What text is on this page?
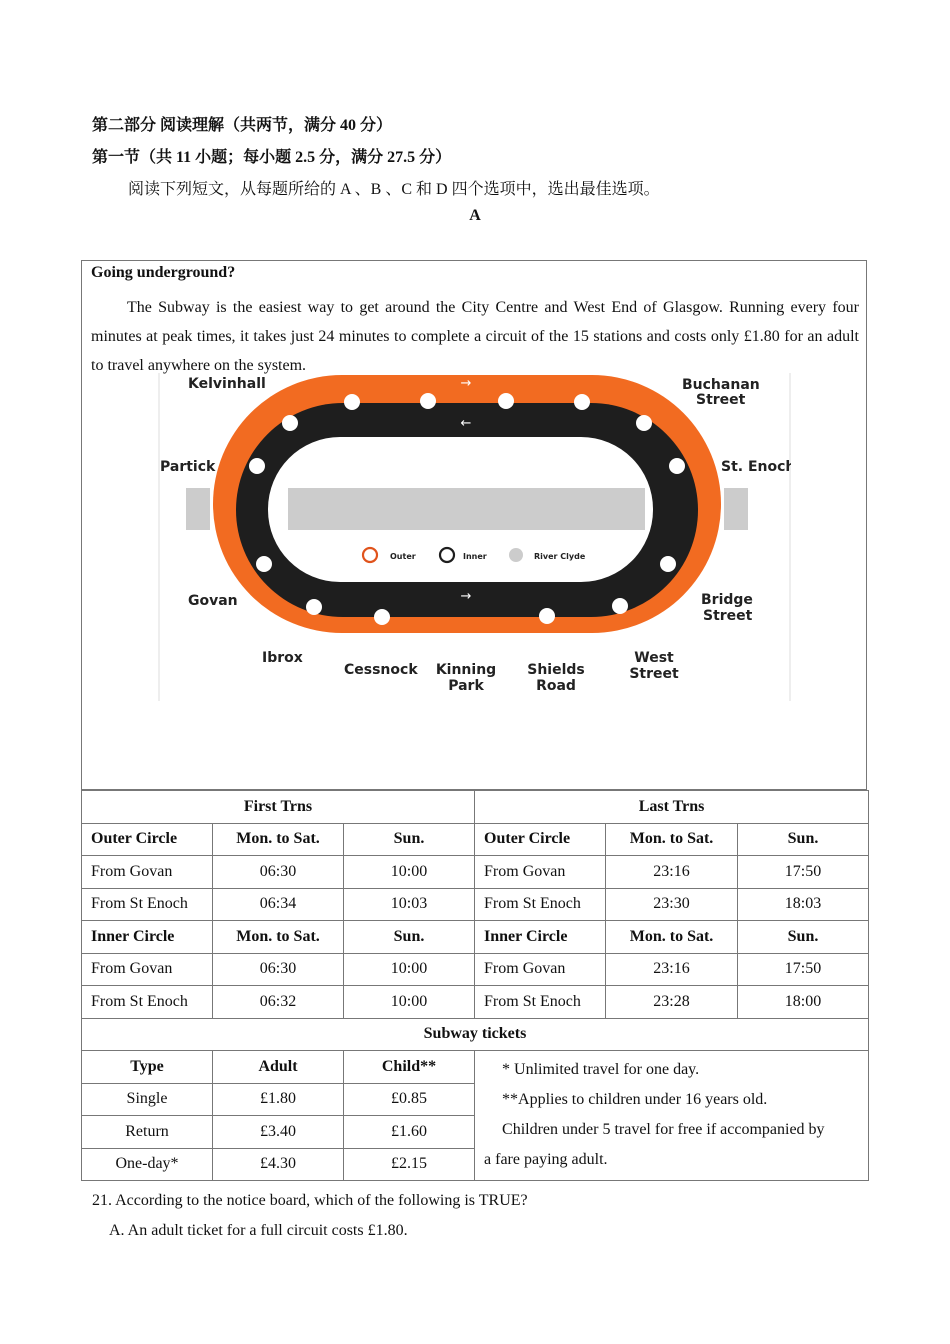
第二部分 阅读理解（共两节，满分 40 分）
第一节（共 11 小题；每小题 2.5 分，满分 27.5 分）
阅读下列短文，从每题所给的 A 、B 、C 和 D 四个选项中，选出最佳选项。
A
Going underground?
The Subway is the easiest way to get around the City Centre and West End of Glasgow. Running every four minutes at peak times, it takes just 24 minutes to complete a circuit of the 15 stations and costs only £1.80 for an adult to travel anywhere on the system.
→
←
→
←
Outer	Inner	River Clyde
Kelvinhall	Buchanan
Street
Partick	St. Enoch
Govan	Bridge
Street
Ibrox
Cessnock Kinning
Park
Shields
Road
West
Street
First Trns			Last Trns		
Outer Circle	Mon. to Sat.	Sun.	Outer Circle	Mon. to Sat.	Sun.
From Govan	06:30	10:00	From Govan	23:16	17:50
From St Enoch	06:34	10:03	From St Enoch	23:30	18:03
Inner Circle	Mon. to Sat.	Sun.	Inner Circle	Mon. to Sat.	Sun.
From Govan	06:30	10:00	From Govan	23:16	17:50
From St Enoch	06:32	10:00	From St Enoch	23:28	18:00
Subway tickets					
Type	Adult	Child**	* Unlimited travel for one day.
**Applies to children under 16 years old.
Children under 5 travel for free if accompanied by
a fare paying adult.		

Single	£1.80	£0.85			
Return	£3.40	£1.60			
One-day*	£4.30	£2.15			
21. According to the notice board, which of the following is TRUE?
A. An adult ticket for a full circuit costs £1.80.
